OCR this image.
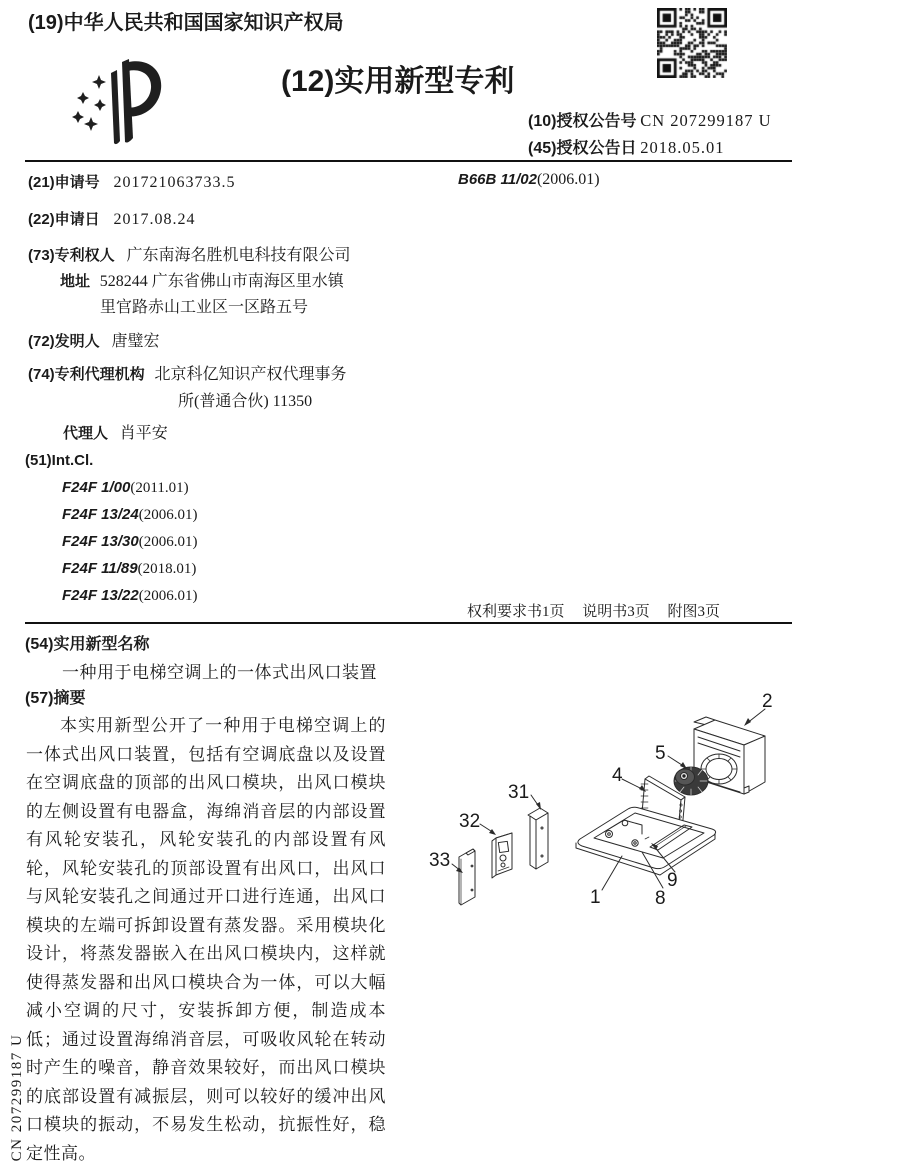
(19)中华人民共和国国家知识产权局
(12)实用新型专利
(10)授权公告号 CN 207299187 U
(45)授权公告日 2018.05.01
(21)申请号 201721063733.5
(22)申请日 2017.08.24
(73)专利权人 广东南海名胜机电科技有限公司
地址 528244 广东省佛山市南海区里水镇
里官路赤山工业区一区路五号
(72)发明人 唐璧宏
(74)专利代理机构 北京科亿知识产权代理事务
所(普通合伙) 11350
代理人 肖平安
(51)Int.Cl.
F24F 1/00(2011.01)
F24F 13/24(2006.01)
F24F 13/30(2006.01)
F24F 11/89(2018.01)
F24F 13/22(2006.01)
B66B 11/02(2006.01)
权利要求书1页 说明书3页 附图3页
(54)实用新型名称
一种用于电梯空调上的一体式出风口装置
(57)摘要
本实用新型公开了一种用于电梯空调上的一体式出风口装置，包括有空调底盘以及设置在空调底盘的顶部的出风口模块，出风口模块的左侧设置有电器盒，海绵消音层的内部设置有风轮安装孔，风轮安装孔的内部设置有风轮，风轮安装孔的顶部设置有出风口，出风口与风轮安装孔之间通过开口进行连通，出风口模块的左端可拆卸设置有蒸发器。采用模块化设计，将蒸发器嵌入在出风口模块内，这样就使得蒸发器和出风口模块合为一体，可以大幅减小空调的尺寸，安装拆卸方便，制造成本低；通过设置海绵消音层，可吸收风轮在转动时产生的噪音，静音效果较好，而出风口模块的底部设置有减振层，则可以较好的缓冲出风口模块的振动，不易发生松动，抗振性好，稳定性高。
1
2
4
5
8
9
31
32
33
CN 207299187 U
